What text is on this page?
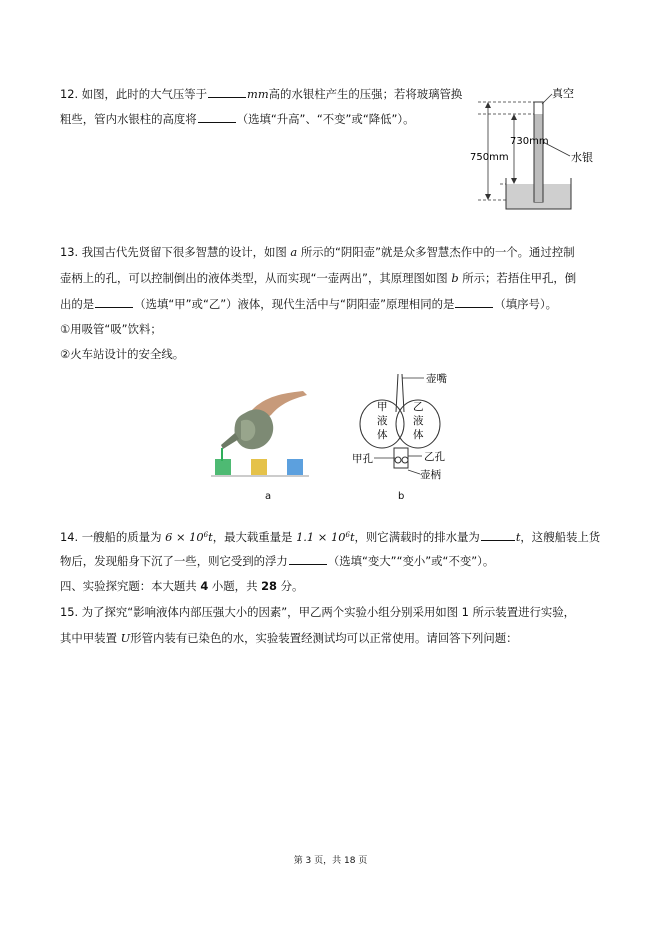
12. 如图，此时的大气压等于	mm高的水银柱产生的压强；若将玻璃管换
粗些，管内水银柱的高度将	（选填“升高”、“不变”或“降低”）。
真空
730mm
750mm	水银
13. 我国古代先贤留下很多智慧的设计，如图 a 所示的“阴阳壶”就是众多智慧杰作中的一个。通过控制
壶柄上的孔，可以控制倒出的液体类型，从而实现“一壶两出”，其原理图如图 b 所示；若捂住甲孔，倒
出的是	（选填“甲”或“乙”）液体，现代生活中与“阴阳壶”原理相同的是	（填序号）。
①用吸管“吸”饮料；
②火车站设计的安全线。
a
壶嘴
甲
液
体
乙
液
体
甲孔	乙孔
壶柄
b
14. 一艘船的质量为 $6 \times 10^6t$，最大载重量是 $1.1 \times 10^6t$，则它满载时的排水量为	t，这艘船装上货
物后，发现船身下沉了一些，则它受到的浮力	（选填“变大”“变小”或“不变”）。
四、实验探究题：本大题共 4 小题，共 28 分。
15. 为了探究“影响液体内部压强大小的因素”，甲乙两个实验小组分别采用如图 1 所示装置进行实验，
其中甲装置 U形管内装有已染色的水，实验装置经测试均可以正常使用。请回答下列问题：
第 3 页，共 18 页
